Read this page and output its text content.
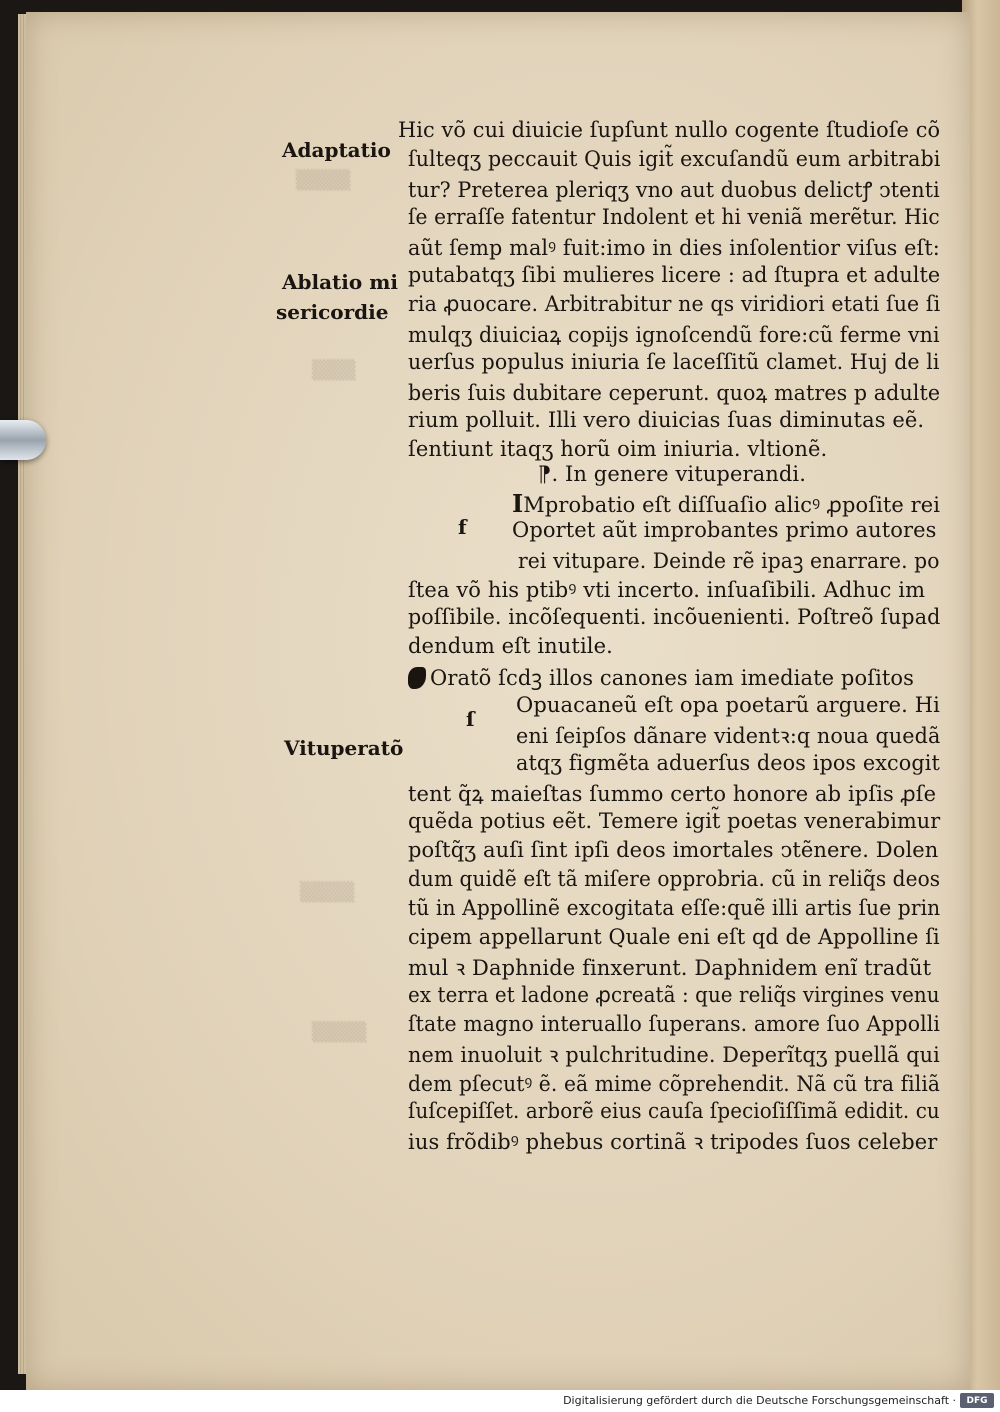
▒▒▒▒▒
▒▒▒▒
▒▒▒▒▒
▒▒▒▒▒
Adaptatio
Ablatio mi
sericordie
f
ſ
Vituperatõ
Hic võ cui diuicie ſupſunt nullo cogente ſtudioſe cõ
ſulteqʒ peccauit Quis igit̃ excuſandũ eum arbitrabi
tur? Preterea pleriqʒ vno aut duobus delictꝭ ↄtenti
ſe erraſſe fatentur Indolent et hi veniã merẽtur. Hic
aũt ſemp malꝰ fuit:imo in dies inſolentior viſus eſt:
putabatqʒ ſibi mulieres licere : ad ſtupra et adulte
ria ꝓuocare. Arbitrabitur ne qs viridiori etati ſue ſi
mulqʒ diuiciaꝝ copijs ignoſcendũ fore:cũ ferme vni
uerſus populus iniuria ſe laceſſitũ clamet. Huj de li
beris ſuis dubitare ceperunt. quoꝝ matres p adulte
rium polluit. Illi vero diuicias ſuas diminutas eẽ.
ſentiunt itaqʒ horũ oim iniuria. vltionẽ.
⁋. In genere vituperandi.
IMprobatio eſt diſſuaſio alicꝰ ꝓpoſite rei
Oportet aũt improbantes primo autores
rei vitupare. Deinde rẽ ipaꝫ enarrare. po
ſtea võ his ptibꝰ vti incerto. inſuaſibili. Adhuc im
poſſibile. incõſequenti. incõuenienti. Poſtreõ ſupad
dendum eſt inutile.
Oratõ ſcdꝫ illos canones iam imediate poſitos
Opuacaneũ eſt opa poetarũ arguere. Hi
eni ſeipſos dãnare videntꝛ:q noua quedã
atqʒ figmẽta aduerſus deos ipos excogit
tent q̃ꝝ maieſtas ſummo certo honore ab ipſis ꝓſe
quẽda potius eẽt. Temere igit̃ poetas venerabimur
poſtq̃ʒ auſi ſint ipſi deos imortales ↄtẽnere. Dolen
dum quidẽ eſt tã miſere opprobria. cũ in reliq̃s deos
tũ in Appollinẽ excogitata eſſe:quẽ illi artis ſue prin
cipem appellarunt Quale eni eſt qd de Appolline ſi
mul ꝛ Daphnide finxerunt. Daphnidem enĩ tradũt
ex terra et ladone ꝓcreatã : que reliq̃s virgines venu
ſtate magno interuallo ſuperans. amore ſuo Appolli
nem inuoluit ꝛ pulchritudine. Deperĩtqʒ puellã qui
dem pſecutꝰ ẽ. eã mime cõprehendit. Nã cũ tra filiã
ſuſcepiſſet. arborẽ eius cauſa ſpecioſiſſimã edidit. cu
ius frõdibꝰ phebus cortinã ꝛ tripodes ſuos celeber
Digitalisierung gefördert durch die Deutsche Forschungsgemeinschaft ·	DFG
